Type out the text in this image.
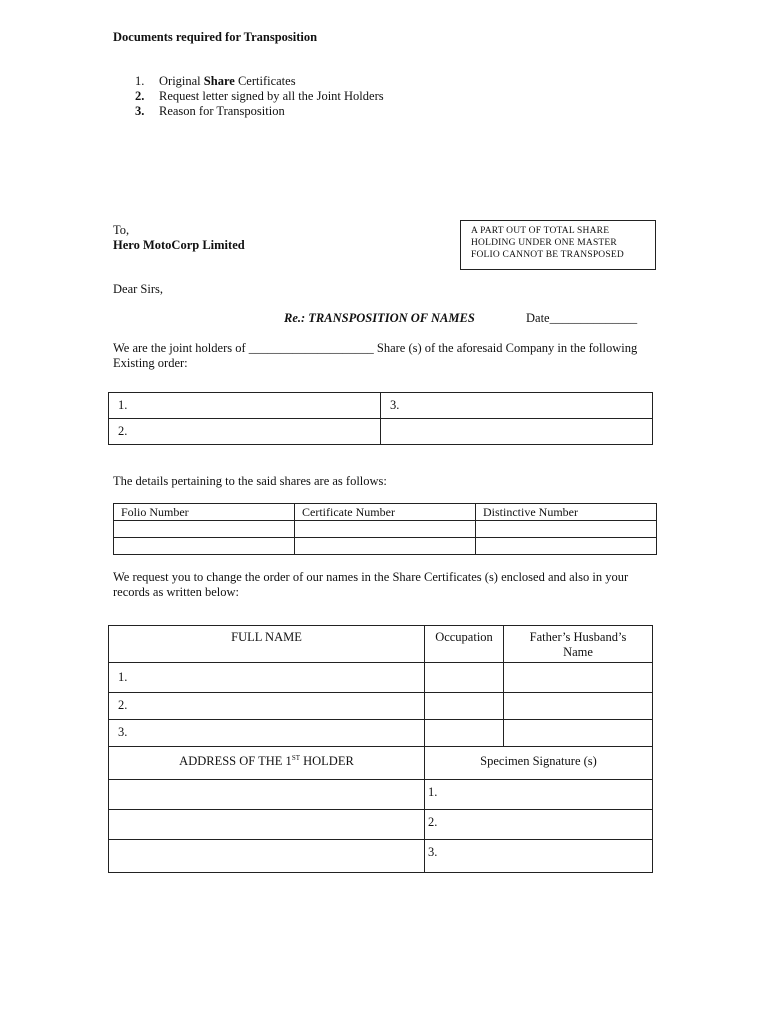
Documents required for Transposition
1.	Original Share Certificates
2.	Request letter signed by all the Joint Holders
3.	Reason for Transposition
To,
Hero MotoCorp Limited
A PART OUT OF TOTAL SHARE
HOLDING UNDER ONE MASTER
FOLIO CANNOT BE TRANSPOSED
Dear Sirs,
Re.: TRANSPOSITION OF NAMES	Date______________
We are the joint holders of ____________________ Share (s) of the aforesaid Company in the following Existing order:
1.	3.
2.	
The details pertaining to the said shares are as follows:
Folio Number	Certificate Number	Distinctive Number

We request you to change the order of our names in the Share Certificates (s) enclosed and also in your records as written below:
FULL NAME	Occupation	Father’s Husband’s Name
1.		
2.		
3.		
ADDRESS OF THE 1ST HOLDER	Specimen Signature (s)	
	1.	
	2.	
	3.	
